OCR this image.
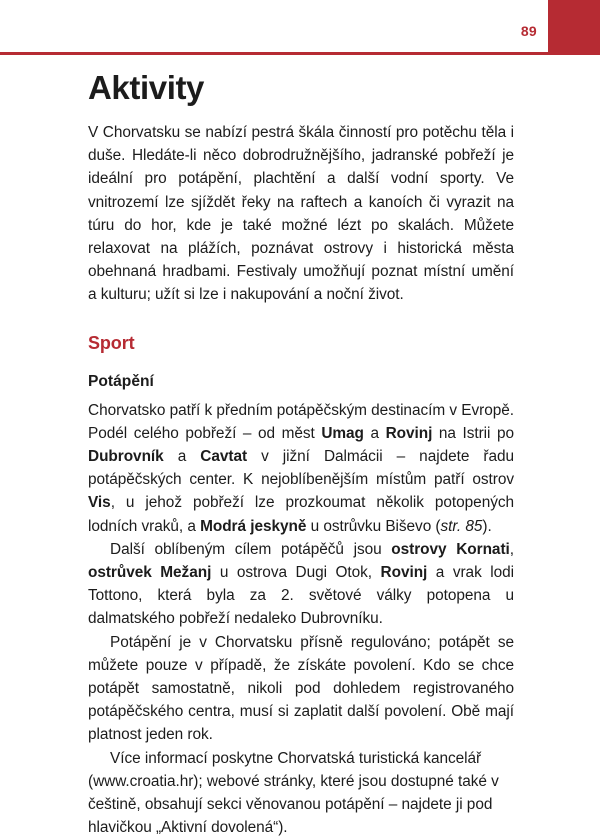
89
Aktivity

V Chorvatsku se nabízí pestrá škála činností pro potěchu těla i duše. Hledáte-li něco dobrodružnějšího, jadranské pobřeží je ideální pro potápění, plachtění a další vodní sporty. Ve vnitrozemí lze sjíždět řeky na raftech a kanoích či vyrazit na túru do hor, kde je také možné lézt po skalách. Můžete relaxovat na plážích, poznávat ostrovy i historická města obehnaná hradbami. Festivaly umožňují poznat místní umění a kulturu; užít si lze i nakupování a noční život.

Sport
Potápění

Chorvatsko patří k předním potápěčským destinacím v Evropě. Podél celého pobřeží – od měst Umag a Rovinj na Istrii po Dubrovník a Cavtat v jižní Dalmácii – najdete řadu potápěčských center. K nejoblíbenějším místům patří ostrov Vis, u jehož pobřeží lze prozkoumat několik potopených lodních vraků, a Modrá jeskyně u ostrůvku Biševo (str. 85).

Další oblíbeným cílem potápěčů jsou ostrovy Kornati, ostrůvek Mežanj u ostrova Dugi Otok, Rovinj a vrak lodi Tottono, která byla za 2. světové války potopena u dalmatského pobřeží nedaleko Dubrovníku.

Potápění je v Chorvatsku přísně regulováno; potápět se můžete pouze v případě, že získáte povolení. Kdo se chce potápět samostatně, nikoli pod dohledem registrovaného potápěčského centra, musí si zaplatit další povolení. Obě mají platnost jeden rok.

Více informací poskytne Chorvatská turistická kancelář (www.croatia.hr); webové stránky, které jsou dostupné také v češtině, obsahují sekci věnovanou potápění – najdete ji pod hlavičkou „Aktivní dovolená“).
